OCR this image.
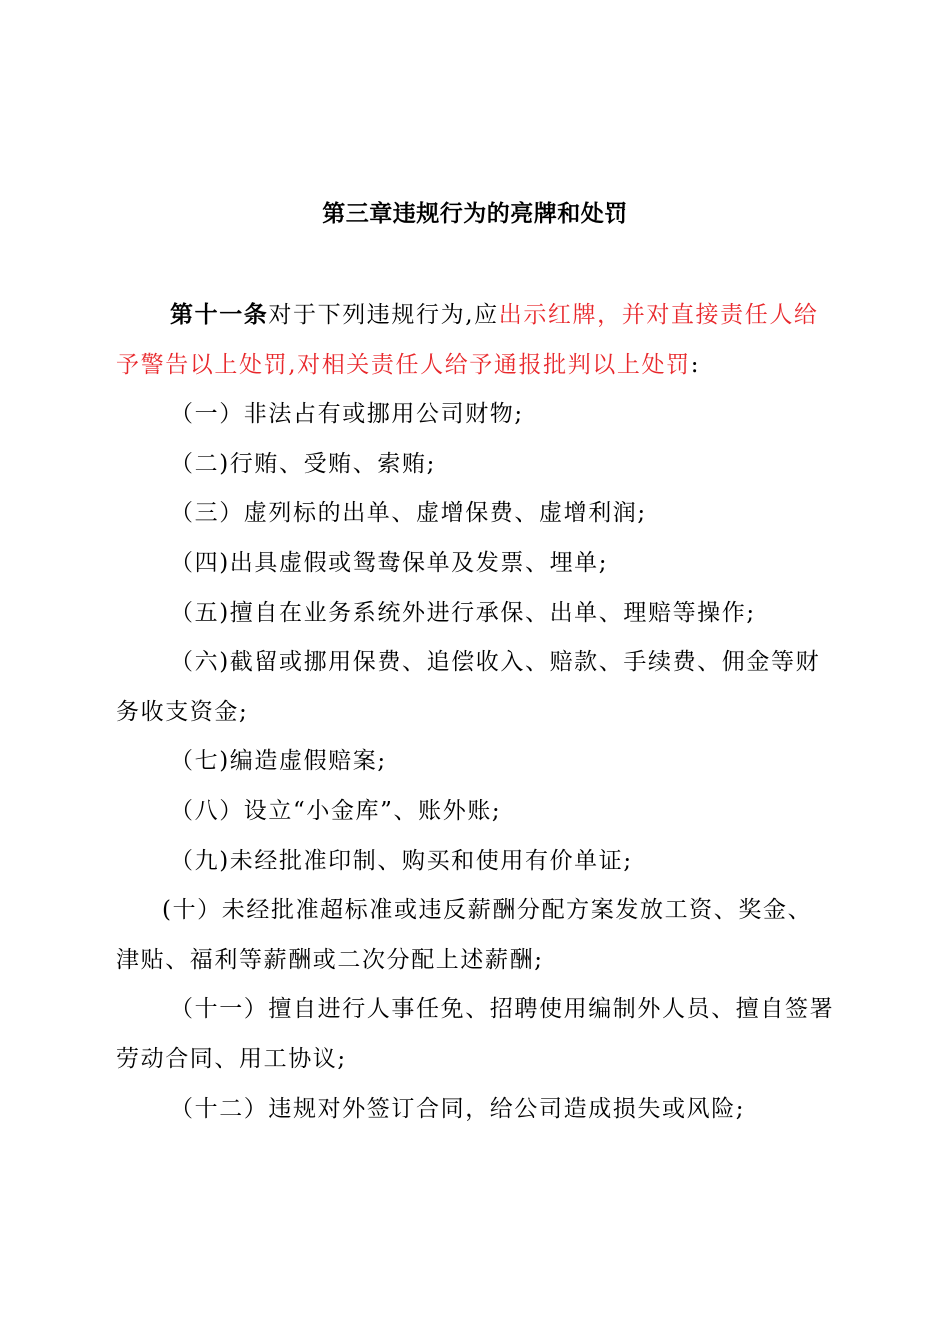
第三章违规行为的亮牌和处罚

第十一条对于下列违规行为,应出示红牌，并对直接责任人给予警告以上处罚,对相关责任人给予通报批判以上处罚:

（一）非法占有或挪用公司财物;

（二)行贿、受贿、索贿;

（三）虚列标的出单、虚增保费、虚增利润;

（四)出具虚假或鸳鸯保单及发票、埋单;

（五)擅自在业务系统外进行承保、出单、理赔等操作;

（六)截留或挪用保费、追偿收入、赔款、手续费、佣金等财务收支资金;

（七)编造虚假赔案;

（八）设立“小金库”、账外账;

（九)未经批准印制、购买和使用有价单证;

(十）未经批准超标准或违反薪酬分配方案发放工资、奖金、津贴、福利等薪酬或二次分配上述薪酬;

（十一）擅自进行人事任免、招聘使用编制外人员、擅自签署劳动合同、用工协议;

（十二）违规对外签订合同，给公司造成损失或风险;
